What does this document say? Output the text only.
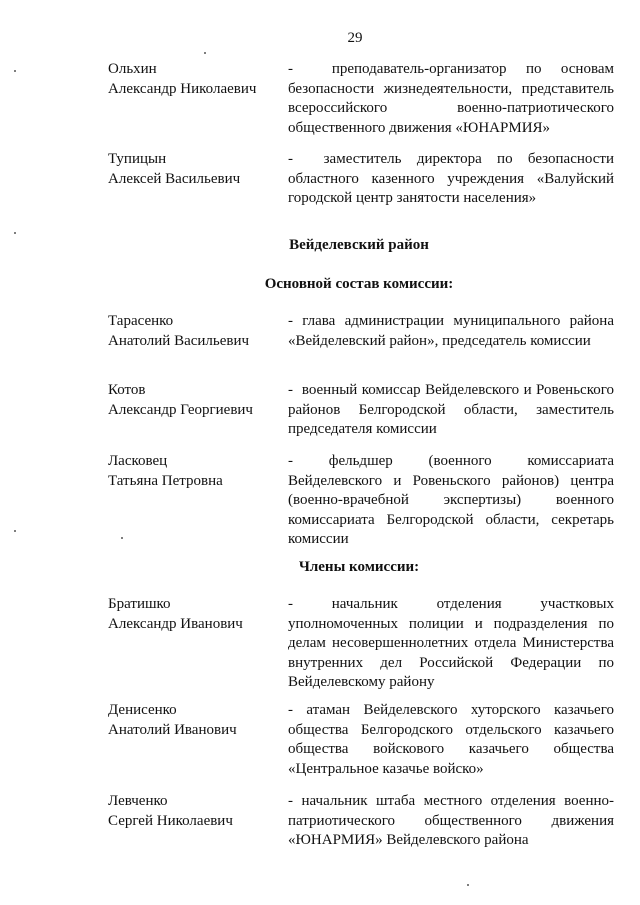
29
Ольхин
Александр Николаевич
-  преподаватель-организатор по основам безопасности жизнедеятельности, представитель всероссийского военно-патриотического общественного движения «ЮНАРМИЯ»
Тупицын
Алексей Васильевич
-  заместитель директора по безопасности областного казенного учреждения «Валуйский городской центр занятости населения»
Вейделевский район
Основной состав комиссии:
Тарасенко
Анатолий Васильевич
- глава администрации муниципального района «Вейделевский район», председатель комиссии
Котов
Александр Георгиевич
-  военный комиссар Вейделевского и Ровеньского районов Белгородской области, заместитель председателя комиссии
Ласковец
Татьяна Петровна
- фельдшер (военного комиссариата Вейделевского и Ровеньского районов) центра (военно-врачебной экспертизы) военного комиссариата Белгородской области, секретарь комиссии
Члены комиссии:
Братишко
Александр Иванович
- начальник отделения участковых уполномоченных полиции и подразделения по делам несовершеннолетних отдела Министерства внутренних дел Российской Федерации по Вейделевскому району
Денисенко
Анатолий Иванович
- атаман Вейделевского хуторского казачьего общества Белгородского отдельского казачьего общества войскового казачьего общества «Центральное казачье войско»
Левченко
Сергей Николаевич
- начальник штаба местного отделения военно-патриотического общественного движения «ЮНАРМИЯ» Вейделевского района
